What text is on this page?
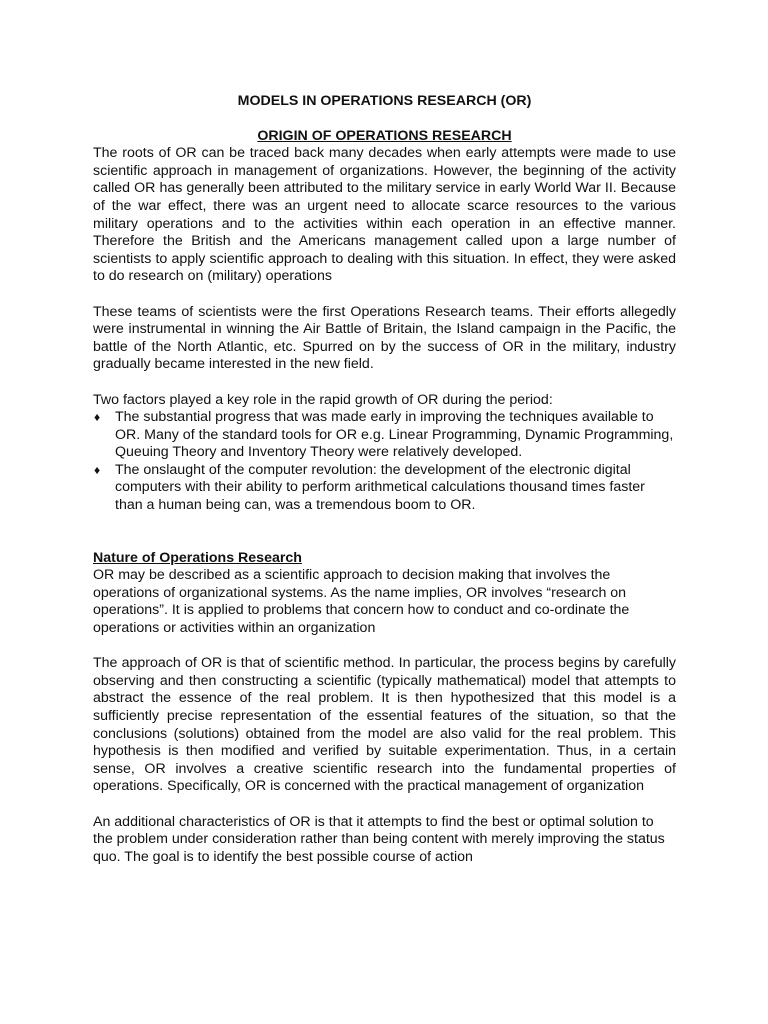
MODELS IN OPERATIONS RESEARCH (OR)
ORIGIN OF OPERATIONS RESEARCH

The roots of OR can be traced back many decades when early attempts were made to use scientific approach in management of organizations. However, the beginning of the activity called OR has generally been attributed to the military service in early World War II. Because of the war effect, there was an urgent need to allocate scarce resources to the various military operations and to the activities within each operation in an effective manner. Therefore the British and the Americans management called upon a large number of scientists to apply scientific approach to dealing with this situation. In effect, they were asked to do research on (military) operations

These teams of scientists were the first Operations Research teams. Their efforts allegedly were instrumental in winning the Air Battle of Britain, the Island campaign in the Pacific, the battle of the North Atlantic, etc. Spurred on by the success of OR in the military, industry gradually became interested in the new field.

Two factors played a key role in the rapid growth of OR during the period:

♦ The substantial progress that was made early in improving the techniques available to OR. Many of the standard tools for OR e.g. Linear Programming, Dynamic Programming, Queuing Theory and Inventory Theory were relatively developed.
♦ The onslaught of the computer revolution: the development of the electronic digital computers with their ability to perform arithmetical calculations thousand times faster than a human being can, was a tremendous boom to OR.
Nature of Operations Research

OR may be described as a scientific approach to decision making that involves the operations of organizational systems. As the name implies, OR involves “research on operations”. It is applied to problems that concern how to conduct and co-ordinate the operations or activities within an organization

The approach of OR is that of scientific method. In particular, the process begins by carefully observing and then constructing a scientific (typically mathematical) model that attempts to abstract the essence of the real problem. It is then hypothesized that this model is a sufficiently precise representation of the essential features of the situation, so that the conclusions (solutions) obtained from the model are also valid for the real problem. This hypothesis is then modified and verified by suitable experimentation. Thus, in a certain sense, OR involves a creative scientific research into the fundamental properties of operations. Specifically, OR is concerned with the practical management of organization

An additional characteristics of OR is that it attempts to find the best or optimal solution to the problem under consideration rather than being content with merely improving the status quo. The goal is to identify the best possible course of action
